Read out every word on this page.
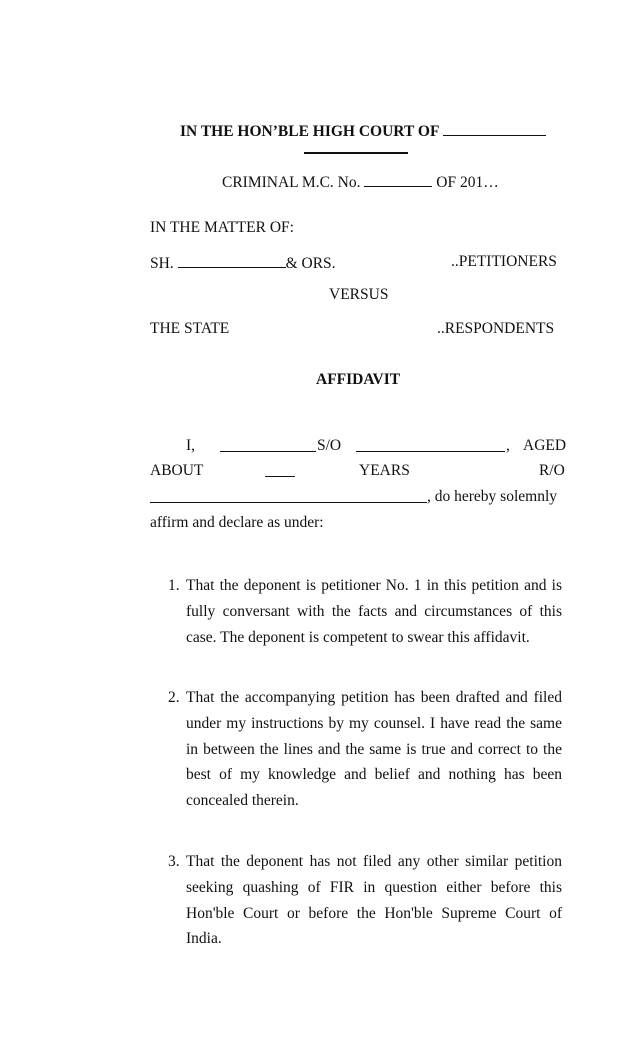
IN THE HON’BLE HIGH COURT OF
CRIMINAL M.C. No.	OF 201…
IN THE MATTER OF:
SH.	& ORS.	..PETITIONERS
VERSUS
THE STATE	..RESPONDENTS
AFFIDAVIT
I,	S/O	, AGED
ABOUT	YEARS	R/O
, do hereby solemnly
affirm and declare as under:
1. That the deponent is petitioner No. 1 in this petition and is fully conversant with the facts and circumstances of this case. The deponent is competent to swear this affidavit.
2. That the accompanying petition has been drafted and filed under my instructions by my counsel. I have read the same in between the lines and the same is true and correct to the best of my knowledge and belief and nothing has been concealed therein.
3. That the deponent has not filed any other similar petition seeking quashing of FIR in question either before this Hon'ble Court or before the Hon'ble Supreme Court of India.
